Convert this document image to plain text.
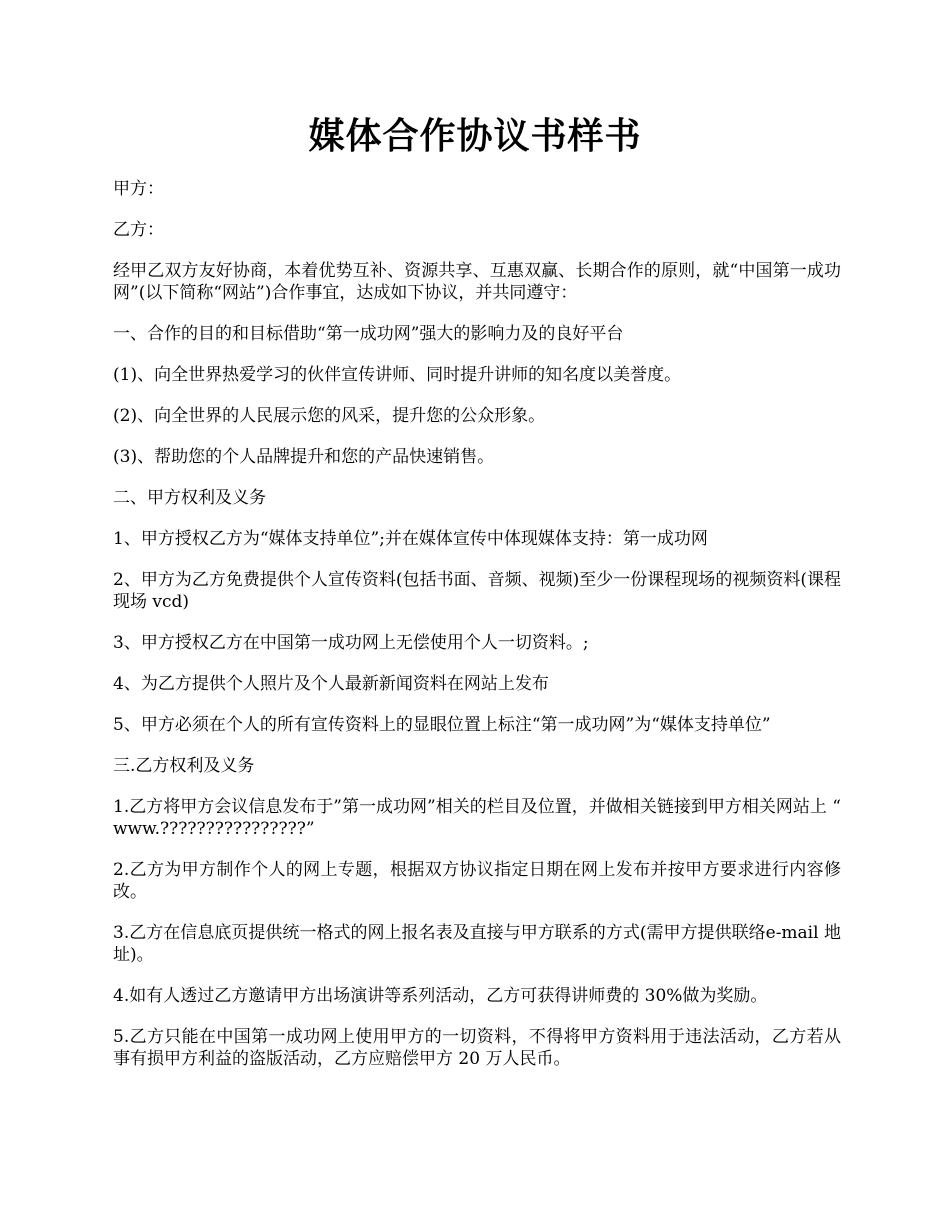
媒体合作协议书样书

甲方：

乙方：

经甲乙双方友好协商，本着优势互补、资源共享、互惠双赢、长期合作的原则，就“中国第一成功网”(以下简称“网站”)合作事宜，达成如下协议，并共同遵守：

一、合作的目的和目标借助“第一成功网”强大的影响力及的良好平台

(1)、向全世界热爱学习的伙伴宣传讲师、同时提升讲师的知名度以美誉度。

(2)、向全世界的人民展示您的风采，提升您的公众形象。

(3)、帮助您的个人品牌提升和您的产品快速销售。

二、甲方权利及义务

1、甲方授权乙方为“媒体支持单位”;并在媒体宣传中体现媒体支持：第一成功网

2、甲方为乙方免费提供个人宣传资料(包括书面、音频、视频)至少一份课程现场的视频资料(课程现场 vcd)

3、甲方授权乙方在中国第一成功网上无偿使用个人一切资料。;

4、为乙方提供个人照片及个人最新新闻资料在网站上发布

5、甲方必须在个人的所有宣传资料上的显眼位置上标注“第一成功网”为“媒体支持单位”

三.乙方权利及义务

1.乙方将甲方会议信息发布于”第一成功网”相关的栏目及位置，并做相关链接到甲方相关网站上 “ www.????????????????”

2.乙方为甲方制作个人的网上专题，根据双方协议指定日期在网上发布并按甲方要求进行内容修改。

3.乙方在信息底页提供统一格式的网上报名表及直接与甲方联系的方式(需甲方提供联络e-mail 地址)。

4.如有人透过乙方邀请甲方出场演讲等系列活动，乙方可获得讲师费的 30%做为奖励。

5.乙方只能在中国第一成功网上使用甲方的一切资料，不得将甲方资料用于违法活动，乙方若从事有损甲方利益的盗版活动，乙方应赔偿甲方 20 万人民币。
